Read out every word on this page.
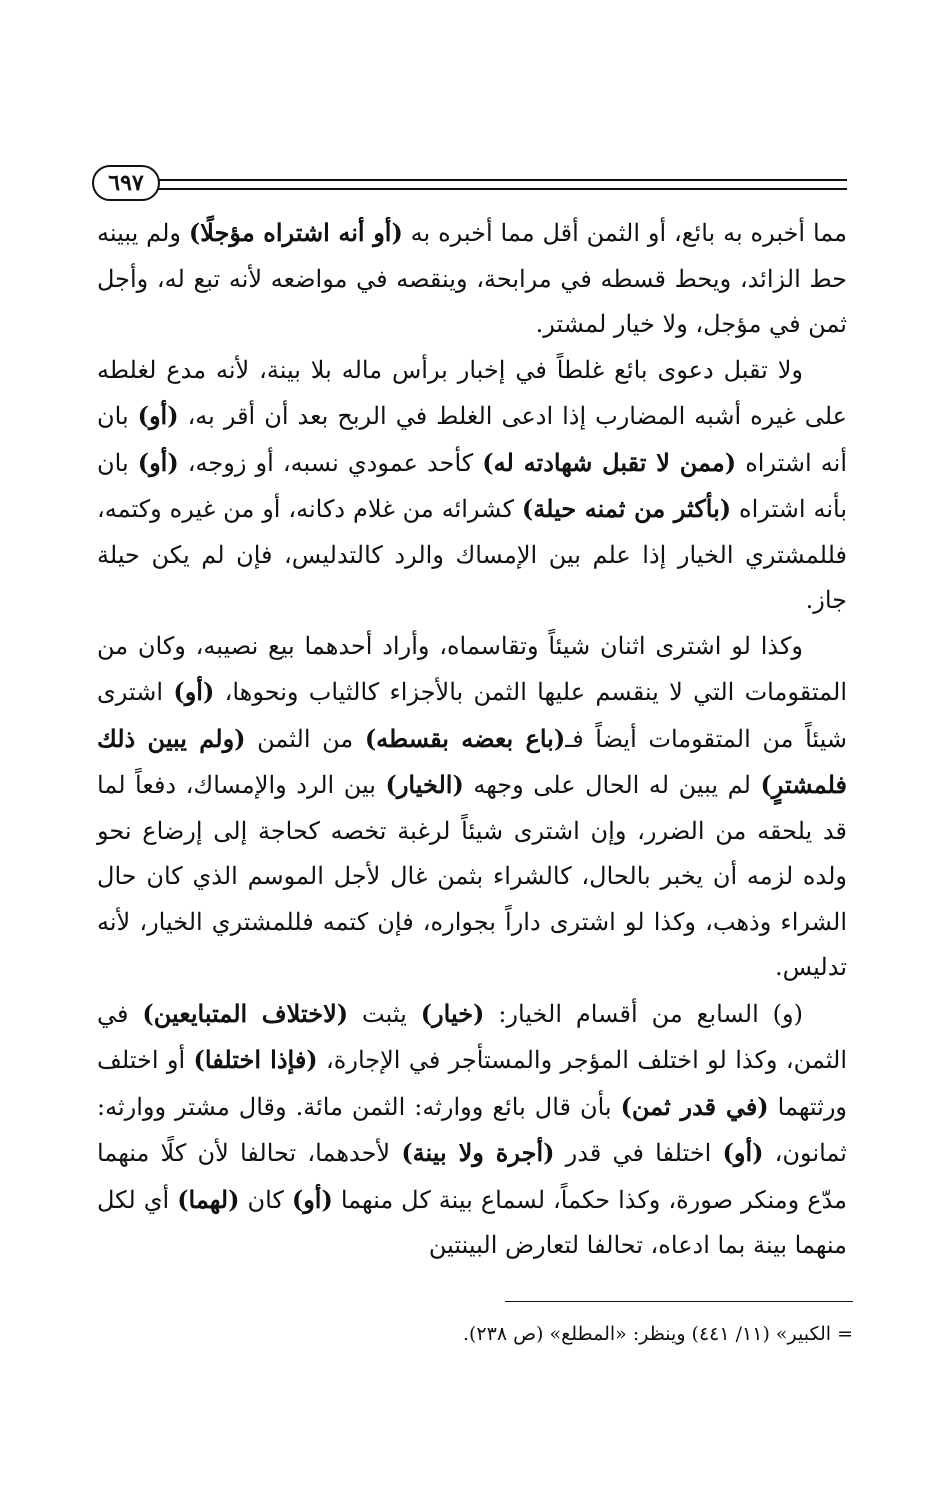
٦٩٧

مما أخبره به بائع، أو الثمن أقل مما أخبره به (أو أنه اشتراه مؤجلًا) ولم يبينه حط الزائد، ويحط قسطه في مرابحة، وينقصه في مواضعه لأنه تبع له، وأجل ثمن في مؤجل، ولا خيار لمشتر.

ولا تقبل دعوى بائع غلطاً في إخبار برأس ماله بلا بينة، لأنه مدع لغلطه على غيره أشبه المضارب إذا ادعى الغلط في الربح بعد أن أقر به، (أو) بان أنه اشتراه (ممن لا تقبل شهادته له) كأحد عمودي نسبه، أو زوجه، (أو) بان بأنه اشتراه (بأكثر من ثمنه حيلة) كشرائه من غلام دكانه، أو من غيره وكتمه، فللمشتري الخيار إذا علم بين الإمساك والرد كالتدليس، فإن لم يكن حيلة جاز.

وكذا لو اشترى اثنان شيئاً وتقاسماه، وأراد أحدهما بيع نصيبه، وكان من المتقومات التي لا ينقسم عليها الثمن بالأجزاء كالثياب ونحوها، (أو) اشترى شيئاً من المتقومات أيضاً فـ(باع بعضه بقسطه) من الثمن (ولم يبين ذلك فلمشترٍ) لم يبين له الحال على وجهه (الخيار) بين الرد والإمساك، دفعاً لما قد يلحقه من الضرر، وإن اشترى شيئاً لرغبة تخصه كحاجة إلى إرضاع نحو ولده لزمه أن يخبر بالحال، كالشراء بثمن غال لأجل الموسم الذي كان حال الشراء وذهب، وكذا لو اشترى داراً بجواره، فإن كتمه فللمشتري الخيار، لأنه تدليس.

(و) السابع من أقسام الخيار: (خيار) يثبت (لاختلاف المتبايعين) في الثمن، وكذا لو اختلف المؤجر والمستأجر في الإجارة، (فإذا اختلفا) أو اختلف ورثتهما (في قدر ثمن) بأن قال بائع ووارثه: الثمن مائة. وقال مشتر ووارثه: ثمانون، (أو) اختلفا في قدر (أجرة ولا بينة) لأحدهما، تحالفا لأن كلًا منهما مدّع ومنكر صورة، وكذا حكماً، لسماع بينة كل منهما (أو) كان (لهما) أي لكل منهما بينة بما ادعاه، تحالفا لتعارض البينتين

= الكبير» (١١/ ٤٤١) وينظر: «المطلع» (ص ٢٣٨).
